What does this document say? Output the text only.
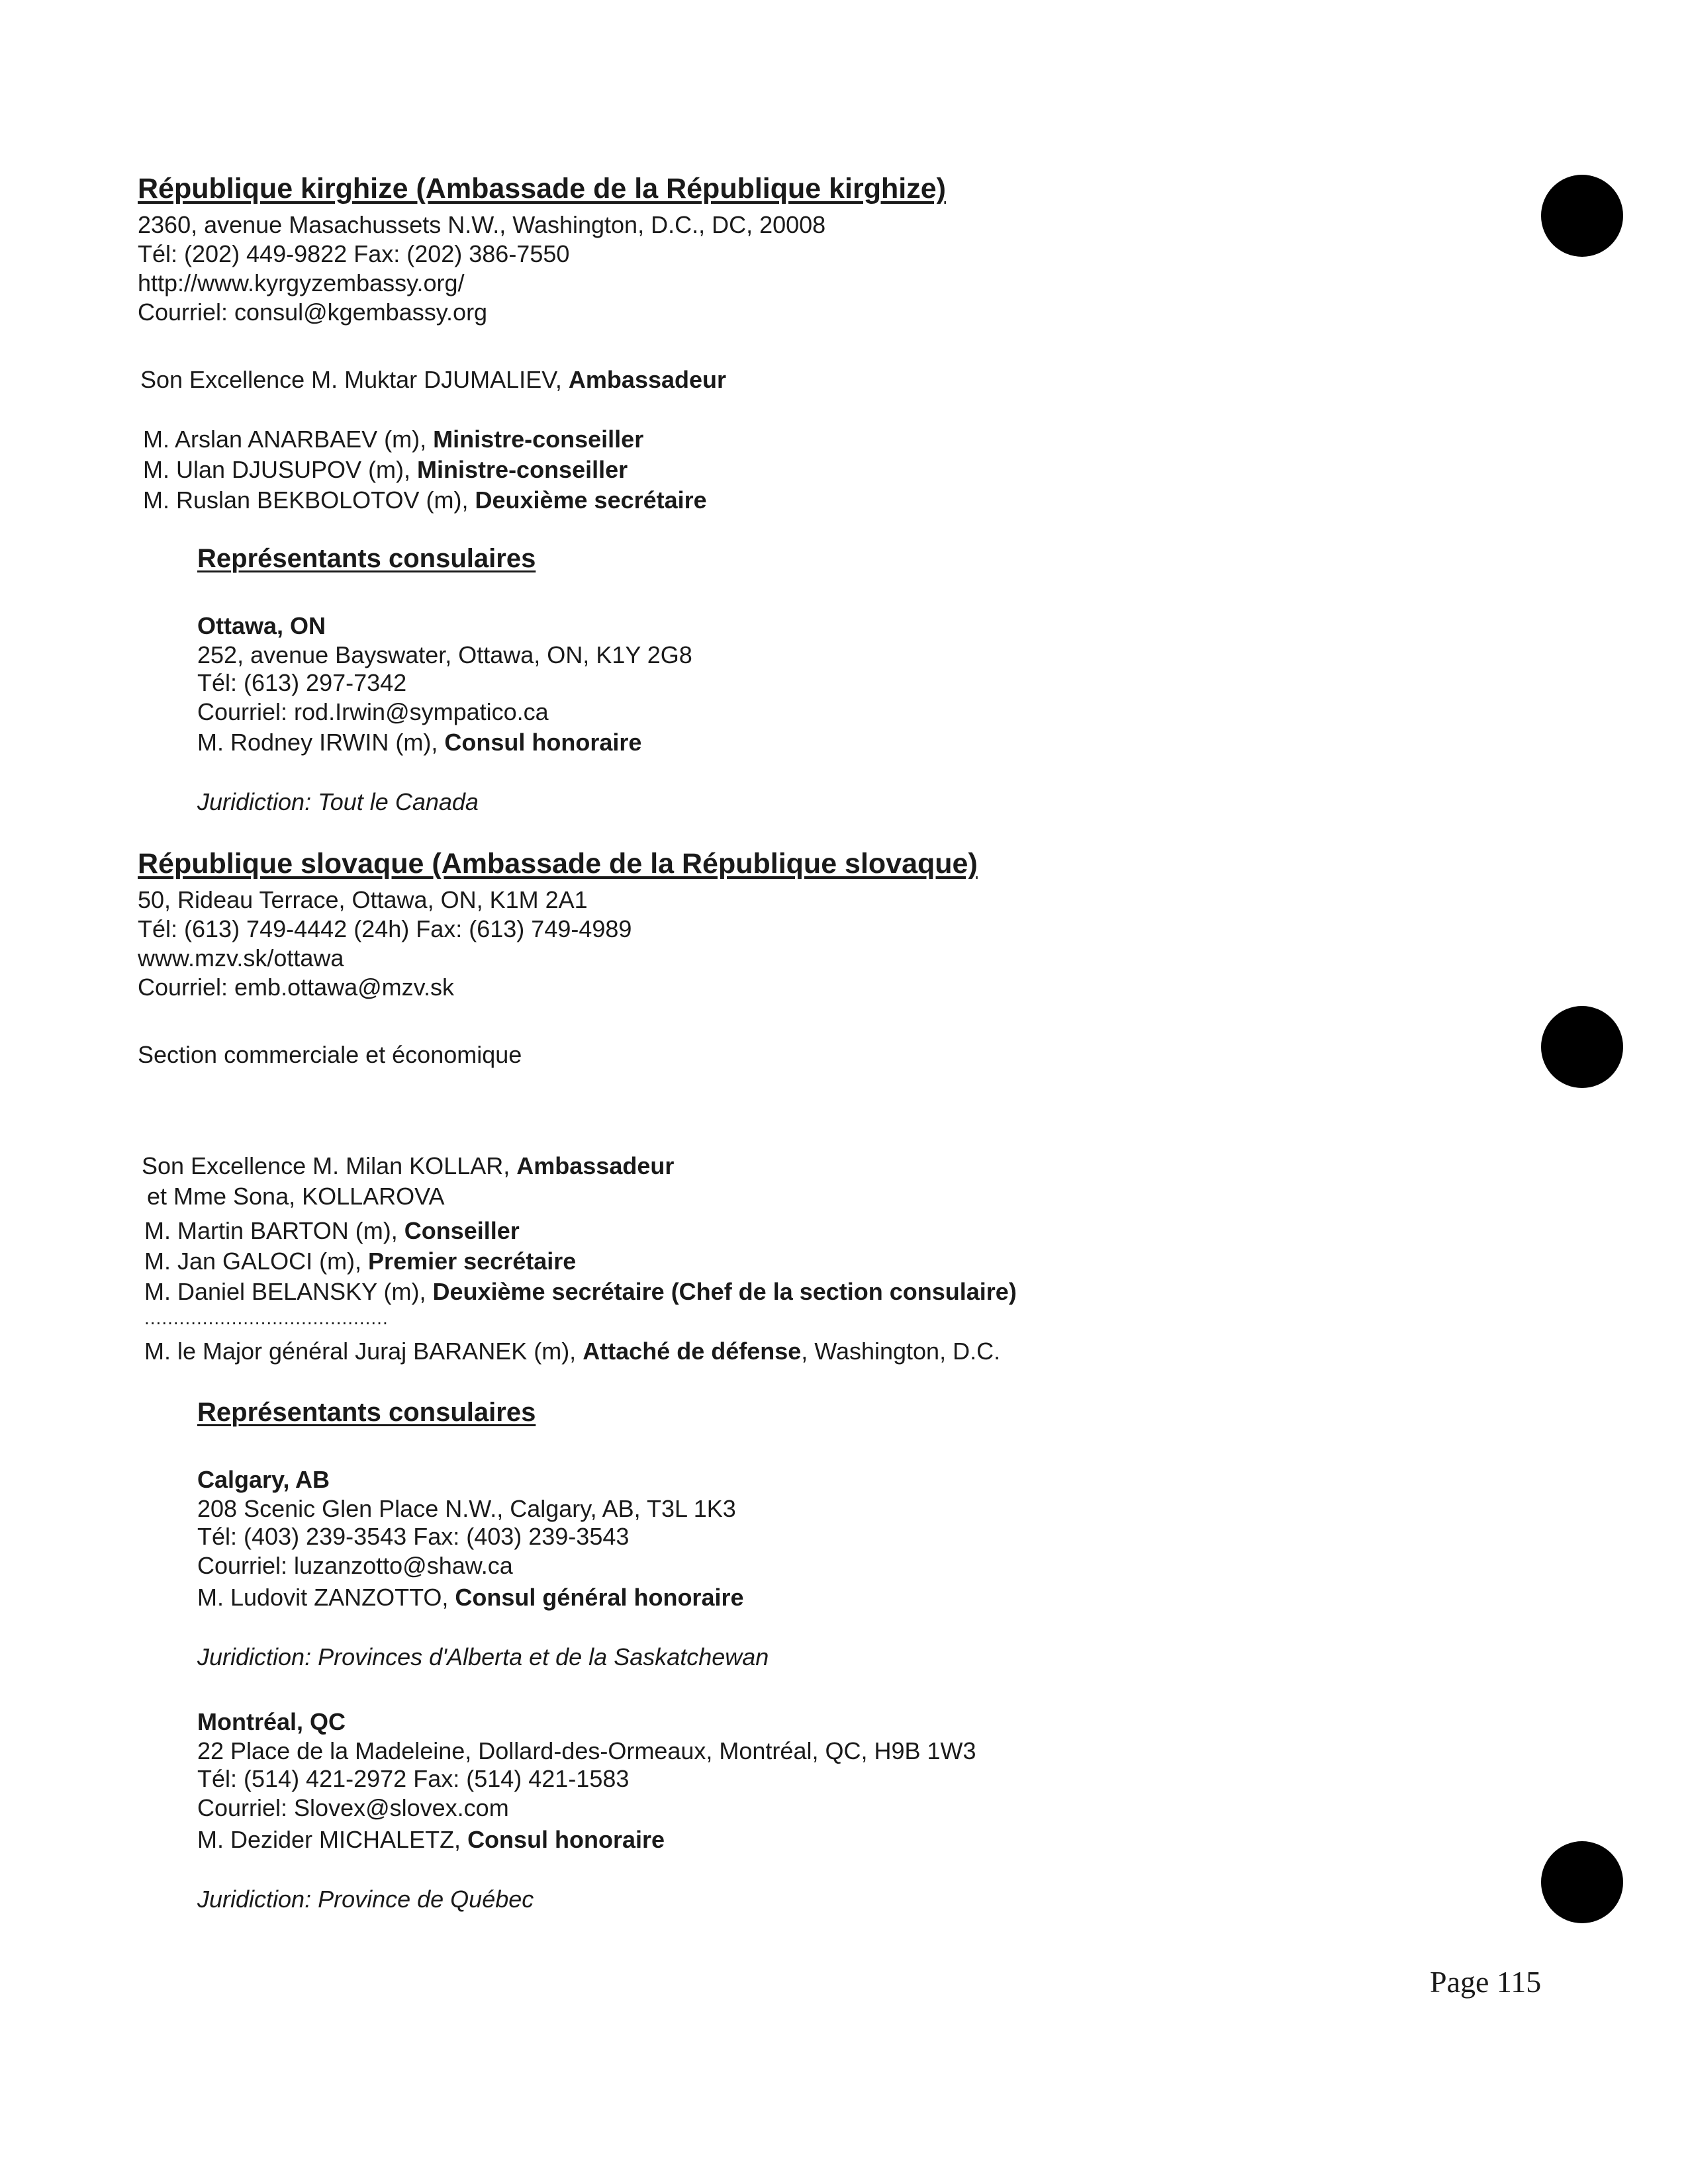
République kirghize (Ambassade de la République kirghize)
2360, avenue Masachussets N.W., Washington, D.C., DC, 20008
Tél: (202) 449-9822 Fax: (202) 386-7550
http://www.kyrgyzembassy.org/
Courriel: consul@kgembassy.org
Son Excellence M. Muktar DJUMALIEV, Ambassadeur
M. Arslan ANARBAEV (m), Ministre-conseiller
M. Ulan DJUSUPOV (m), Ministre-conseiller
M. Ruslan BEKBOLOTOV (m), Deuxième secrétaire
Représentants consulaires
Ottawa, ON
252, avenue Bayswater, Ottawa, ON, K1Y 2G8
Tél: (613) 297-7342
Courriel: rod.Irwin@sympatico.ca
M. Rodney IRWIN (m), Consul honoraire
Juridiction: Tout le Canada
République slovaque (Ambassade de la République slovaque)
50, Rideau Terrace, Ottawa, ON, K1M 2A1
Tél: (613) 749-4442 (24h) Fax: (613) 749-4989
www.mzv.sk/ottawa
Courriel: emb.ottawa@mzv.sk
Section commerciale et économique
Son Excellence M. Milan KOLLAR, Ambassadeur
et Mme Sona, KOLLAROVA
M. Martin BARTON (m), Conseiller
M. Jan GALOCI (m), Premier secrétaire
M. Daniel BELANSKY (m), Deuxième secrétaire (Chef de la section consulaire)
..........................................
M. le Major général Juraj BARANEK (m), Attaché de défense, Washington, D.C.
Représentants consulaires
Calgary, AB
208 Scenic Glen Place N.W., Calgary, AB, T3L 1K3
Tél: (403) 239-3543 Fax: (403) 239-3543
Courriel: luzanzotto@shaw.ca
M. Ludovit ZANZOTTO, Consul général honoraire
Juridiction: Provinces d'Alberta et de la Saskatchewan
Montréal, QC
22 Place de la Madeleine, Dollard-des-Ormeaux, Montréal, QC, H9B 1W3
Tél: (514) 421-2972 Fax: (514) 421-1583
Courriel: Slovex@slovex.com
M. Dezider MICHALETZ, Consul honoraire
Juridiction: Province de Québec
Page 115
